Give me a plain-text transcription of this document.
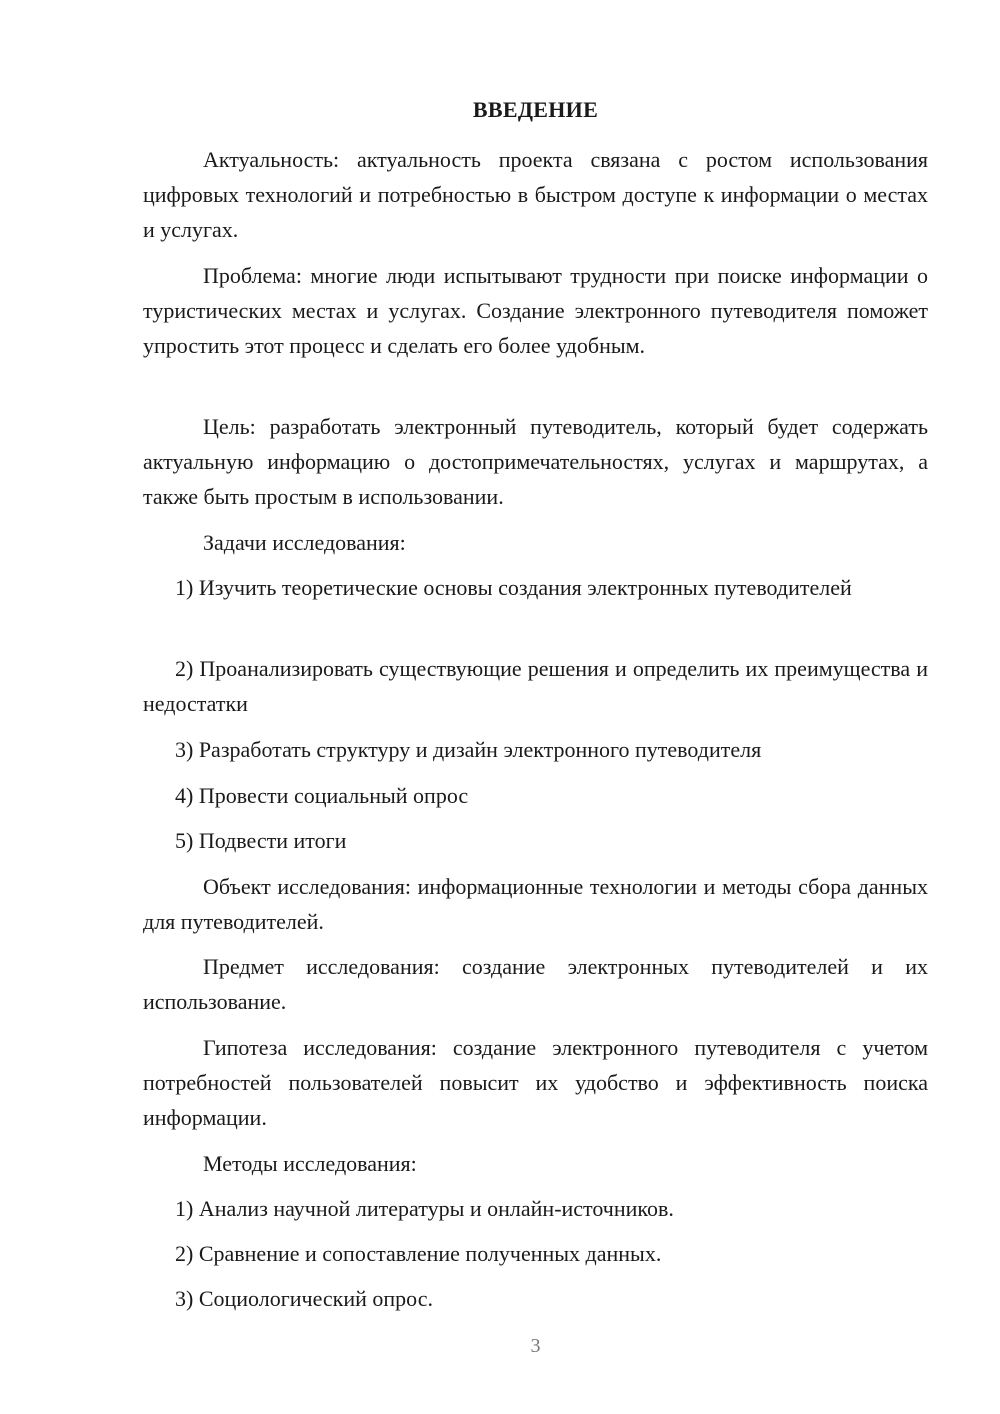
ВВЕДЕНИЕ

Актуальность: актуальность проекта связана с ростом использования цифровых технологий и потребностью в быстром доступе к информации о местах и услугах.

Проблема: многие люди испытывают трудности при поиске информации о туристических местах и услугах. Создание электронного путеводителя поможет упростить этот процесс и сделать его более удобным.

Цель: разработать электронный путеводитель, который будет содержать актуальную информацию о достопримечательностях, услугах и маршрутах, а также быть простым в использовании.

Задачи исследования:

1) Изучить теоретические основы создания электронных путеводителей

2) Проанализировать существующие решения и определить их преимущества и недостатки

3) Разработать структуру и дизайн электронного путеводителя

4) Провести социальный опрос

5) Подвести итоги

Объект исследования: информационные технологии и методы сбора данных для путеводителей.

Предмет исследования: создание электронных путеводителей и их использование.

Гипотеза исследования: создание электронного путеводителя с учетом потребностей пользователей повысит их удобство и эффективность поиска информации.

Методы исследования:

1) Анализ научной литературы и онлайн-источников.

2) Сравнение и сопоставление полученных данных.

3) Социологический опрос.

3
